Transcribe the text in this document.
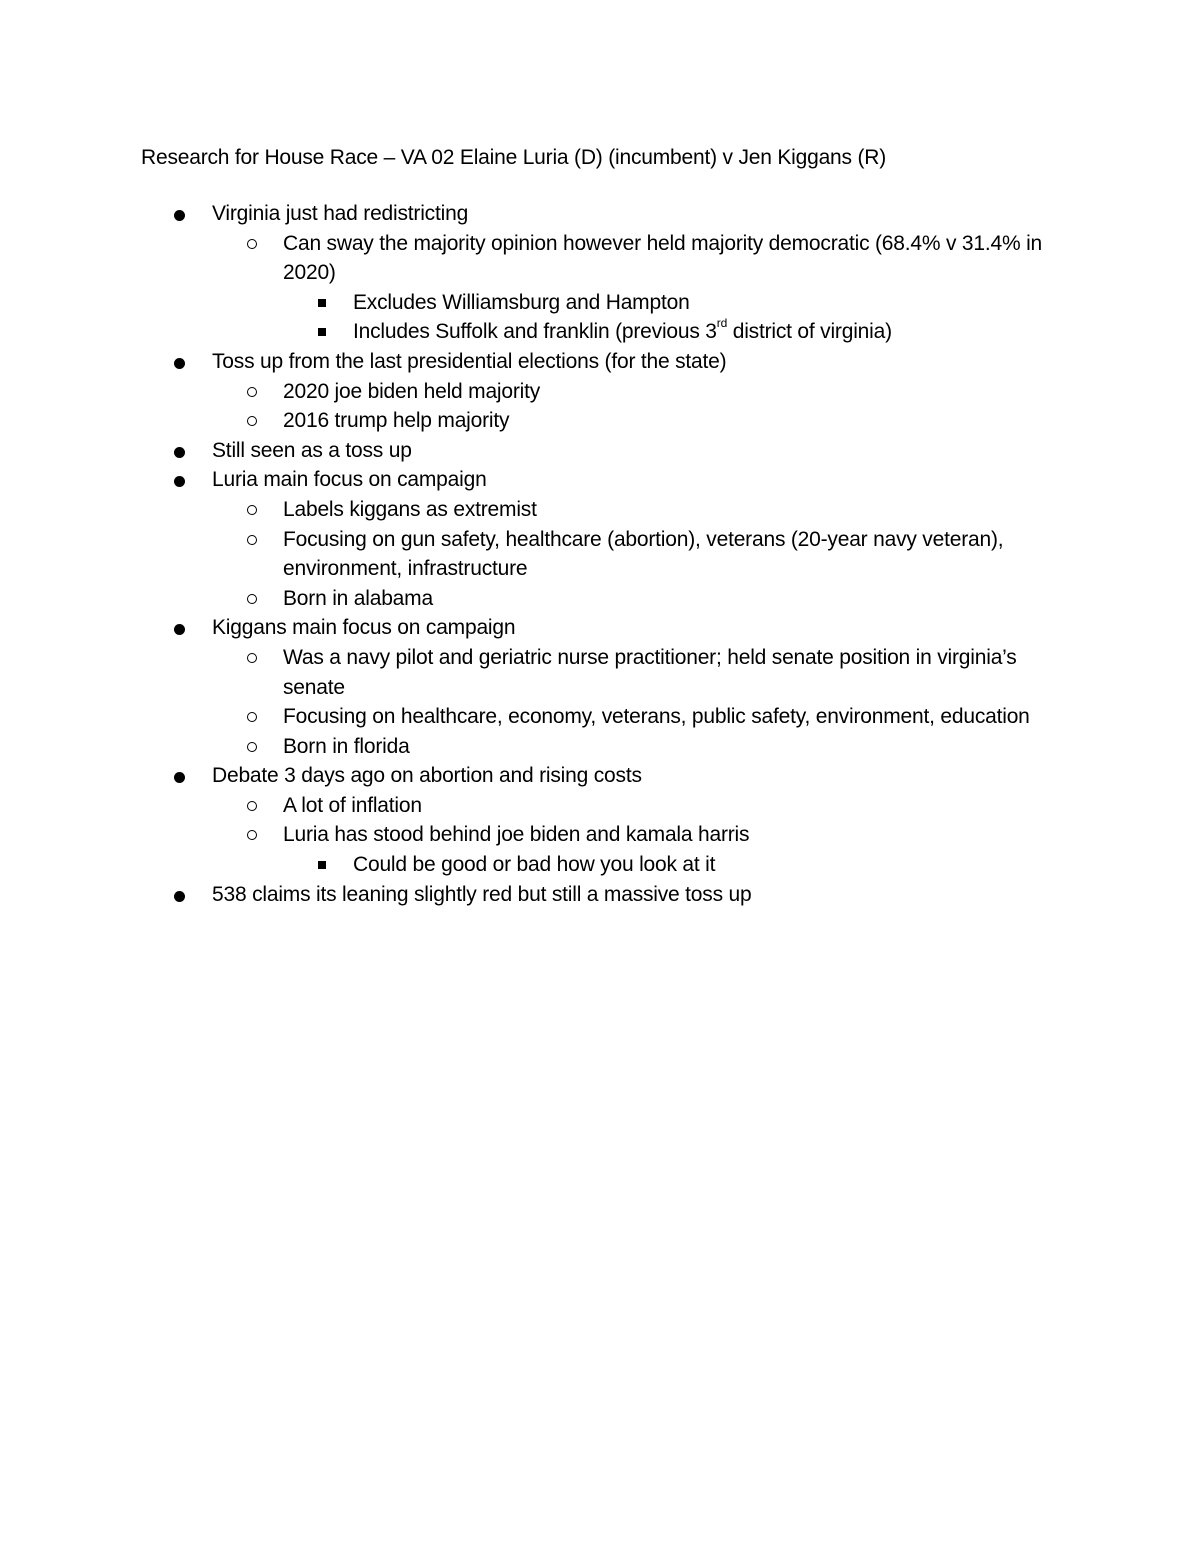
Research for House Race – VA 02 Elaine Luria (D) (incumbent) v Jen Kiggans (R)
Virginia just had redistricting
Can sway the majority opinion however held majority democratic (68.4% v 31.4% in 2020)
Excludes Williamsburg and Hampton
Includes Suffolk and franklin (previous 3rd district of virginia)
Toss up from the last presidential elections (for the state)
2020 joe biden held majority
2016 trump help majority
Still seen as a toss up
Luria main focus on campaign
Labels kiggans as extremist
Focusing on gun safety, healthcare (abortion), veterans (20-year navy veteran), environment, infrastructure
Born in alabama
Kiggans main focus on campaign
Was a navy pilot and geriatric nurse practitioner; held senate position in virginia’s senate
Focusing on healthcare, economy, veterans, public safety, environment, education
Born in florida
Debate 3 days ago on abortion and rising costs
A lot of inflation
Luria has stood behind joe biden and kamala harris
Could be good or bad how you look at it
538 claims its leaning slightly red but still a massive toss up
